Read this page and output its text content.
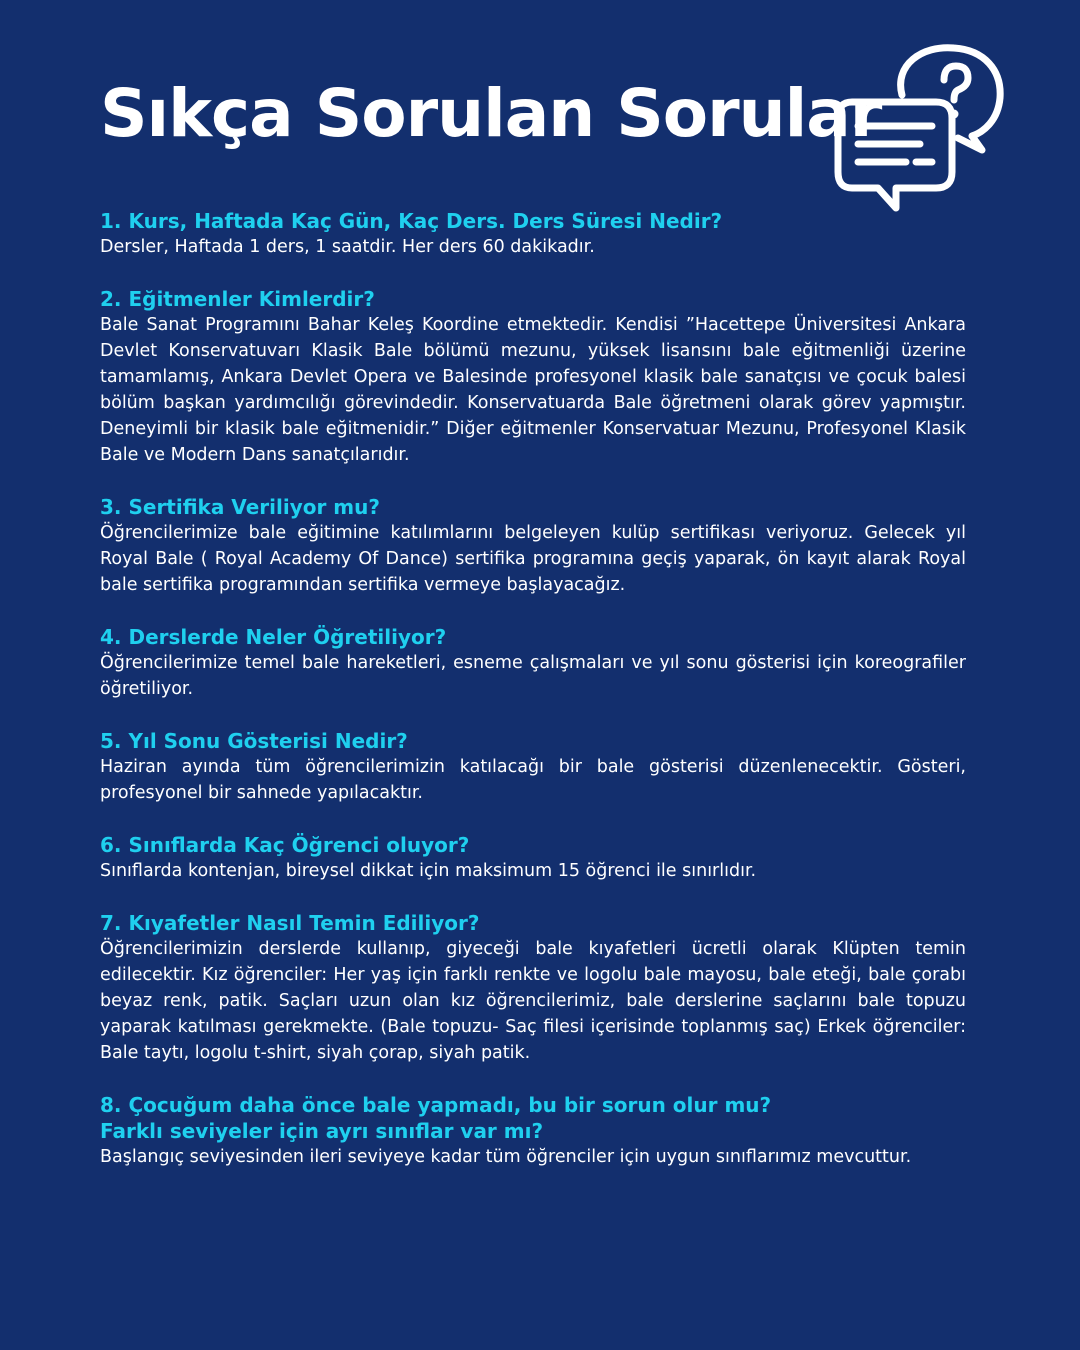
Sıkça Sorulan Sorular

1. Kurs, Haftada Kaç Gün, Kaç Ders. Ders Süresi Nedir?

Dersler, Haftada 1 ders, 1 saatdir. Her ders 60 dakikadır.

2. Eğitmenler Kimlerdir?

Bale Sanat Programını Bahar Keleş Koordine etmektedir. Kendisi ”Hacettepe Üniversitesi Ankara Devlet Konservatuvarı Klasik Bale bölümü mezunu, yüksek lisansını bale eğitmenliği üzerine tamamlamış, Ankara Devlet Opera ve Balesinde profesyonel klasik bale sanatçısı ve çocuk balesi bölüm başkan yardımcılığı görevindedir. Konservatuarda Bale öğretmeni olarak görev yapmıştır. Deneyimli bir klasik bale eğitmenidir.” Diğer eğitmenler Konservatuar Mezunu, Profesyonel Klasik Bale ve Modern Dans sanatçılarıdır.

3. Sertifika Veriliyor mu?

Öğrencilerimize bale eğitimine katılımlarını belgeleyen kulüp sertifikası veriyoruz. Gelecek yıl Royal Bale ( Royal Academy Of Dance) sertifika programına geçiş yaparak, ön kayıt alarak Royal bale sertifika programından sertifika vermeye başlayacağız.

4. Derslerde Neler Öğretiliyor?

Öğrencilerimize temel bale hareketleri, esneme çalışmaları ve yıl sonu gösterisi için koreografiler öğretiliyor.

5. Yıl Sonu Gösterisi Nedir?

Haziran ayında tüm öğrencilerimizin katılacağı bir bale gösterisi düzenlenecektir. Gösteri, profesyonel bir sahnede yapılacaktır.

6. Sınıflarda Kaç Öğrenci oluyor?

Sınıflarda kontenjan, bireysel dikkat için maksimum 15 öğrenci ile sınırlıdır.

7. Kıyafetler Nasıl Temin Ediliyor?

Öğrencilerimizin derslerde kullanıp, giyeceği bale kıyafetleri ücretli olarak Klüpten temin edilecektir. Kız öğrenciler: Her yaş için farklı renkte ve logolu bale mayosu, bale eteği, bale çorabı beyaz renk, patik. Saçları uzun olan kız öğrencilerimiz, bale derslerine saçlarını bale topuzu yaparak katılması gerekmekte. (Bale topuzu- Saç filesi içerisinde toplanmış saç) Erkek öğrenciler: Bale taytı, logolu t-shirt, siyah çorap, siyah patik.

8. Çocuğum daha önce bale yapmadı, bu bir sorun olur mu?

Farklı seviyeler için ayrı sınıflar var mı?

Başlangıç seviyesinden ileri seviyeye kadar tüm öğrenciler için uygun sınıflarımız mevcuttur.
